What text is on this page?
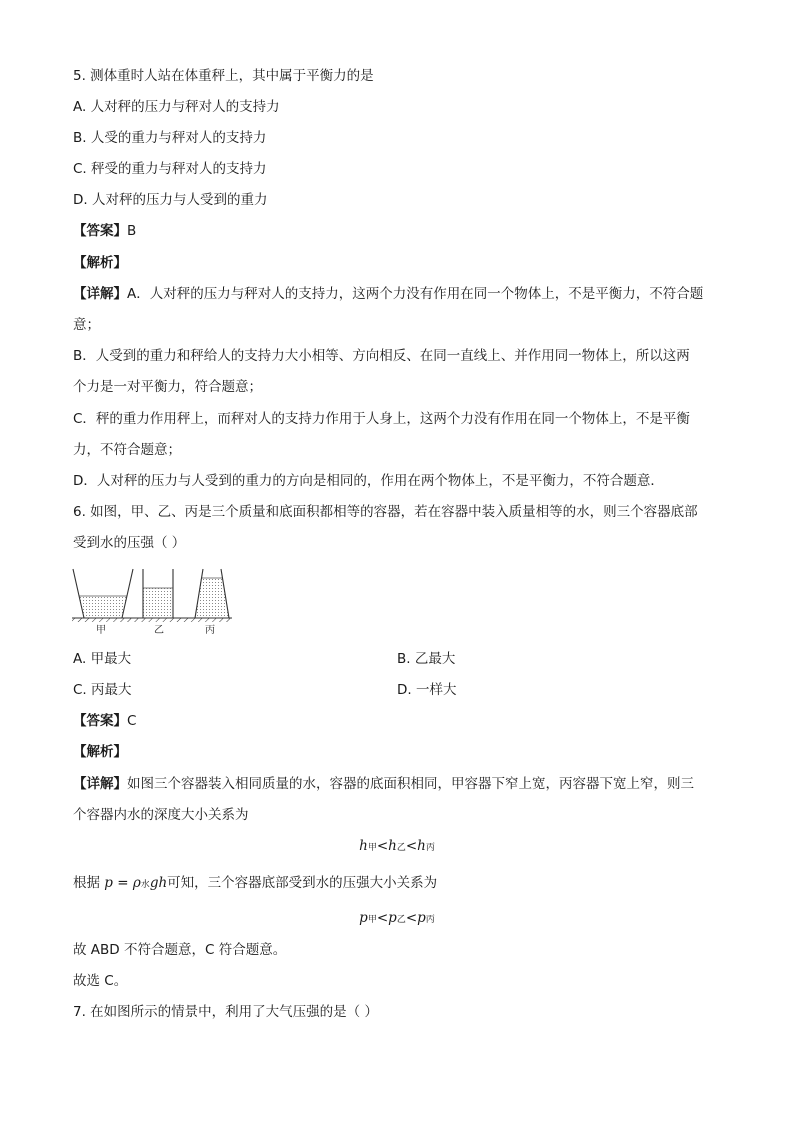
5. 测体重时人站在体重秤上，其中属于平衡力的是
A. 人对秤的压力与秤对人的支持力
B. 人受的重力与秤对人的支持力
C. 秤受的重力与秤对人的支持力
D. 人对秤的压力与人受到的重力
【答案】B
【解析】
【详解】A．人对秤的压力与秤对人的支持力，这两个力没有作用在同一个物体上，不是平衡力，不符合题
意；
B．人受到的重力和秤给人的支持力大小相等、方向相反、在同一直线上、并作用同一物体上，所以这两
个力是一对平衡力，符合题意；
C．秤的重力作用秤上，而秤对人的支持力作用于人身上，这两个力没有作用在同一个物体上，不是平衡
力，不符合题意；
D．人对秤的压力与人受到的重力的方向是相同的，作用在两个物体上，不是平衡力，不符合题意．
6. 如图，甲、乙、丙是三个质量和底面积都相等的容器，若在容器中装入质量相等的水，则三个容器底部
受到水的压强（ ）
甲	乙	丙
A. 甲最大	B. 乙最大
C. 丙最大	D. 一样大
【答案】C
【解析】
【详解】如图三个容器装入相同质量的水，容器的底面积相同，甲容器下窄上宽，丙容器下宽上窄，则三
个容器内水的深度大小关系为
h甲<h乙<h丙
根据 p = ρ水gh可知，三个容器底部受到水的压强大小关系为
p甲<p乙<p丙
故 ABD 不符合题意，C 符合题意。
故选 C。
7. 在如图所示的情景中，利用了大气压强的是（ ）
